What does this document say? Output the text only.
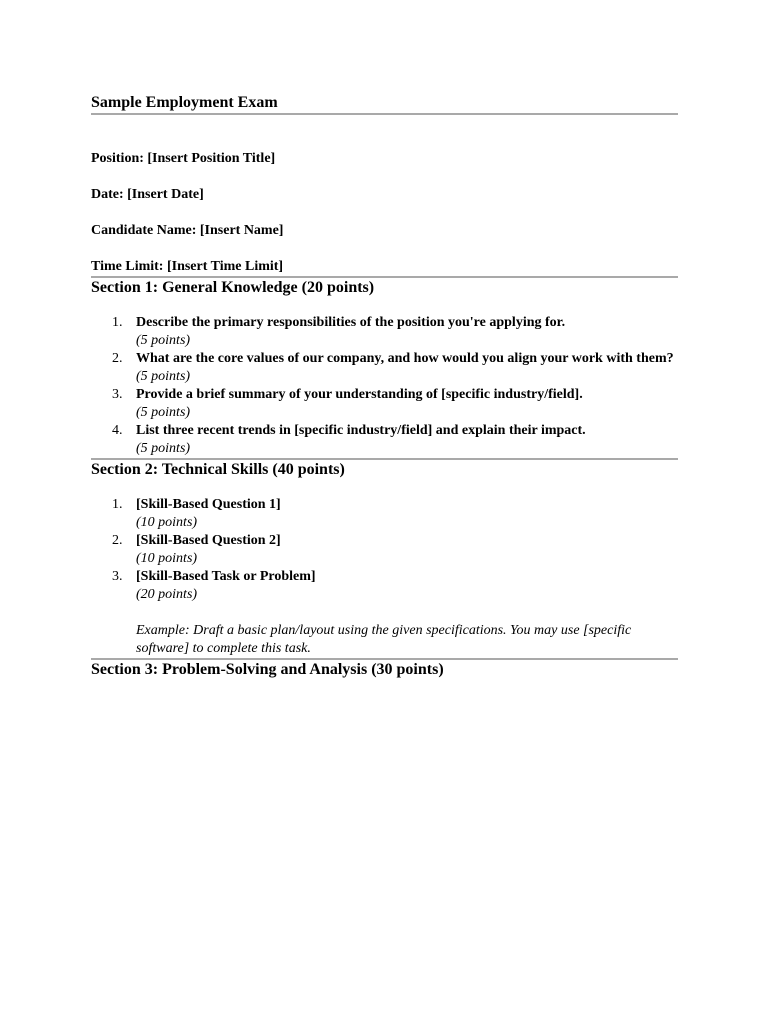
Sample Employment Exam

Position: [Insert Position Title]

Date: [Insert Date]

Candidate Name: [Insert Name]

Time Limit: [Insert Time Limit]

Section 1: General Knowledge (20 points)
1. Describe the primary responsibilities of the position you're applying for.
(5 points)
2. What are the core values of our company, and how would you align your work with them?
(5 points)
3. Provide a brief summary of your understanding of [specific industry/field].
(5 points)
4. List three recent trends in [specific industry/field] and explain their impact.
(5 points)
Section 2: Technical Skills (40 points)
1. [Skill-Based Question 1]
(10 points)
2. [Skill-Based Question 2]
(10 points)
3. [Skill-Based Task or Problem]
(20 points)

Example: Draft a basic plan/layout using the given specifications. You may use [specific software] to complete this task.

Section 3: Problem-Solving and Analysis (30 points)
